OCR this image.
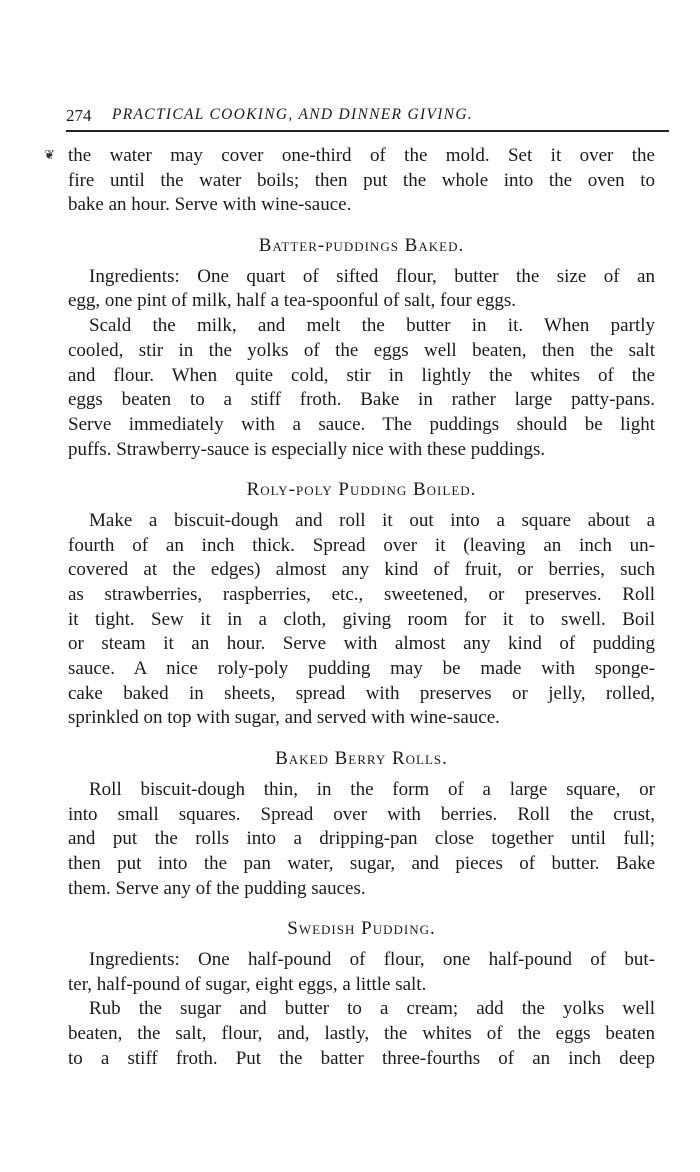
274 PRACTICAL COOKING, AND DINNER GIVING.
❦ the water may cover one-third of the mold. Set it over the
fire until the water boils; then put the whole into the oven to
bake an hour. Serve with wine-sauce.
Batter-puddings Baked.
Ingredients: One quart of sifted flour, butter the size of an
egg, one pint of milk, half a tea-spoonful of salt, four eggs.
Scald the milk, and melt the butter in it. When partly
cooled, stir in the yolks of the eggs well beaten, then the salt
and flour. When quite cold, stir in lightly the whites of the
eggs beaten to a stiff froth. Bake in rather large patty-pans.
Serve immediately with a sauce. The puddings should be light
puffs. Strawberry-sauce is especially nice with these puddings.
Roly-poly Pudding Boiled.
Make a biscuit-dough and roll it out into a square about a
fourth of an inch thick. Spread over it (leaving an inch un-
covered at the edges) almost any kind of fruit, or berries, such
as strawberries, raspberries, etc., sweetened, or preserves. Roll
it tight. Sew it in a cloth, giving room for it to swell. Boil
or steam it an hour. Serve with almost any kind of pudding
sauce. A nice roly-poly pudding may be made with sponge-
cake baked in sheets, spread with preserves or jelly, rolled,
sprinkled on top with sugar, and served with wine-sauce.
Baked Berry Rolls.
Roll biscuit-dough thin, in the form of a large square, or
into small squares. Spread over with berries. Roll the crust,
and put the rolls into a dripping-pan close together until full;
then put into the pan water, sugar, and pieces of butter. Bake
them. Serve any of the pudding sauces.
Swedish Pudding.
Ingredients: One half-pound of flour, one half-pound of but-
ter, half-pound of sugar, eight eggs, a little salt.
Rub the sugar and butter to a cream; add the yolks well
beaten, the salt, flour, and, lastly, the whites of the eggs beaten
to a stiff froth. Put the batter three-fourths of an inch deep
